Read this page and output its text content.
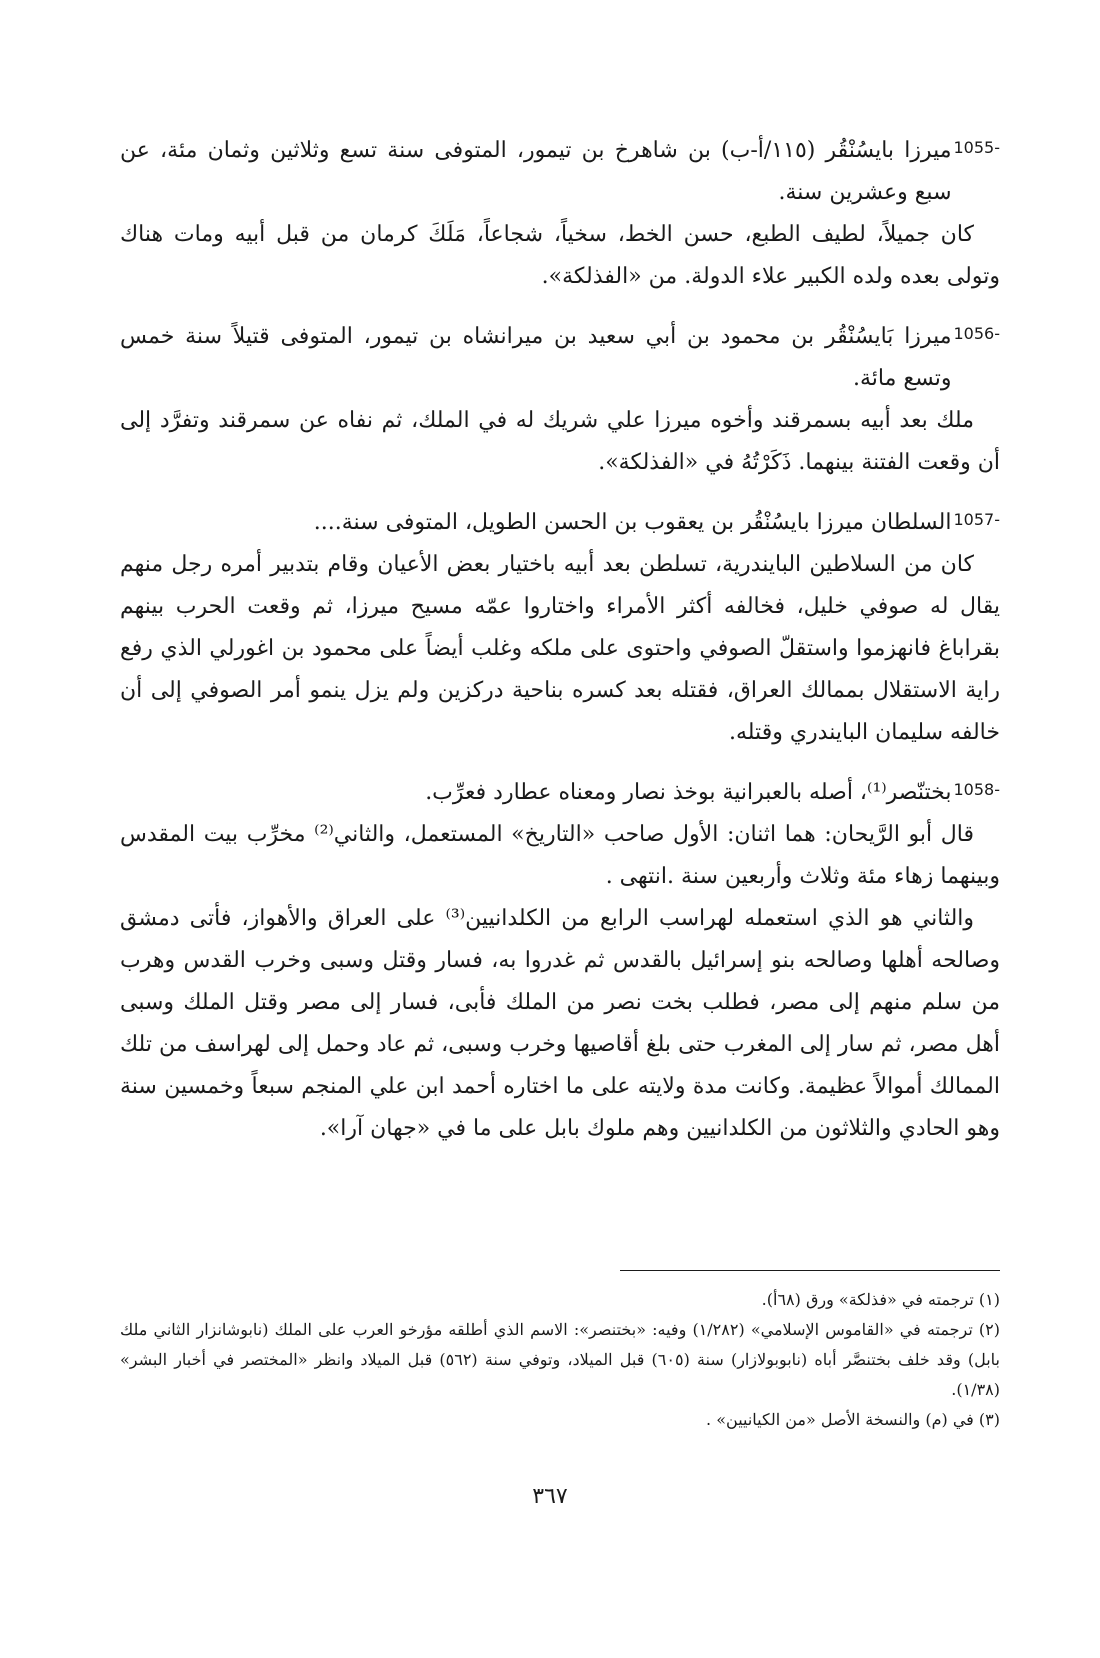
1055 -

ميرزا بايسُنْقُر (١١٥/أ-ب) بن شاهرخ بن تيمور، المتوفى سنة تسع وثلاثين وثمان مئة، عن سبع وعشرين سنة.

كان جميلاً، لطيف الطبع، حسن الخط، سخياً، شجاعاً، مَلَكَ كرمان من قبل أبيه ومات هناك وتولى بعده ولده الكبير علاء الدولة. من «الفذلكة».

1056 -

ميرزا بَايسُنْقُر بن محمود بن أبي سعيد بن ميرانشاه بن تيمور، المتوفى قتيلاً سنة خمس وتسع مائة.

ملك بعد أبيه بسمرقند وأخوه ميرزا علي شريك له في الملك، ثم نفاه عن سمرقند وتفرَّد إلى أن وقعت الفتنة بينهما. ذَكَرْتُهُ في «الفذلكة».

1057 -

السلطان ميرزا بايسُنْقُر بن يعقوب بن الحسن الطويل، المتوفى سنة....

كان من السلاطين البايندرية، تسلطن بعد أبيه باختيار بعض الأعيان وقام بتدبير أمره رجل منهم يقال له صوفي خليل، فخالفه أكثر الأمراء واختاروا عمّه مسيح ميرزا، ثم وقعت الحرب بينهم بقراباغ فانهزموا واستقلّ الصوفي واحتوى على ملكه وغلب أيضاً على محمود بن اغورلي الذي رفع راية الاستقلال بممالك العراق، فقتله بعد كسره بناحية دركزين ولم يزل ينمو أمر الصوفي إلى أن خالفه سليمان البايندري وقتله.

1058 -

بختنّصر⁽¹⁾، أصله بالعبرانية بوخذ نصار ومعناه عطارد فعرِّب.

قال أبو الرَّيحان: هما اثنان: الأول صاحب «التاريخ» المستعمل، والثاني⁽²⁾ مخرِّب بيت المقدس وبينهما زهاء مئة وثلاث وأربعين سنة .انتهى .

والثاني هو الذي استعمله لهراسب الرابع من الكلدانيين⁽³⁾ على العراق والأهواز، فأتى دمشق وصالحه أهلها وصالحه بنو إسرائيل بالقدس ثم غدروا به، فسار وقتل وسبى وخرب القدس وهرب من سلم منهم إلى مصر، فطلب بخت نصر من الملك فأبى، فسار إلى مصر وقتل الملك وسبى أهل مصر، ثم سار إلى المغرب حتى بلغ أقاصيها وخرب وسبى، ثم عاد وحمل إلى لهراسف من تلك الممالك أموالاً عظيمة. وكانت مدة ولايته على ما اختاره أحمد ابن علي المنجم سبعاً وخمسين سنة وهو الحادي والثلاثون من الكلدانيين وهم ملوك بابل على ما في «جهان آرا».

(١) ترجمته في «فذلكة» ورق (٦٨أ).

(٢) ترجمته في «القاموس الإسلامي» (١/٢٨٢) وفيه: «بختنصر»: الاسم الذي أطلقه مؤرخو العرب على الملك (نابوشانزار الثاني ملك بابل) وقد خلف بختنصَّر أباه (نابوبولازار) سنة (٦٠٥) قبل الميلاد، وتوفي سنة (٥٦٢) قبل الميلاد وانظر «المختصر في أخبار البشر» (١/٣٨).

(٣) في (م) والنسخة الأصل «من الكيانيين» .

٣٦٧
